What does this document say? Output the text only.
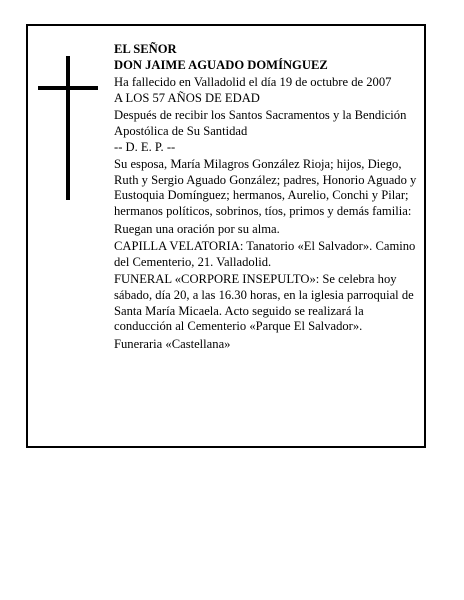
EL SEÑOR

DON JAIME AGUADO DOMÍNGUEZ

Ha fallecido en Valladolid el día 19 de octubre de 2007

A LOS 57 AÑOS DE EDAD

Después de recibir los Santos Sacramentos y la Bendición Apostólica de Su Santidad

-- D. E. P. --

Su esposa, María Milagros González Rioja; hijos, Diego, Ruth y Sergio Aguado González; padres, Honorio Aguado y Eustoquia Domínguez; hermanos, Aurelio, Conchi y Pilar; hermanos políticos, sobrinos, tíos, primos y demás familia:

Ruegan una oración por su alma.

CAPILLA VELATORIA: Tanatorio «El Salvador». Camino del Cementerio, 21. Valladolid.

FUNERAL «CORPORE INSEPULTO»: Se celebra hoy sábado, día 20, a las 16.30 horas, en la iglesia parroquial de Santa María Micaela. Acto seguido se realizará la conducción al Cementerio «Parque El Salvador».

Funeraria «Castellana»
